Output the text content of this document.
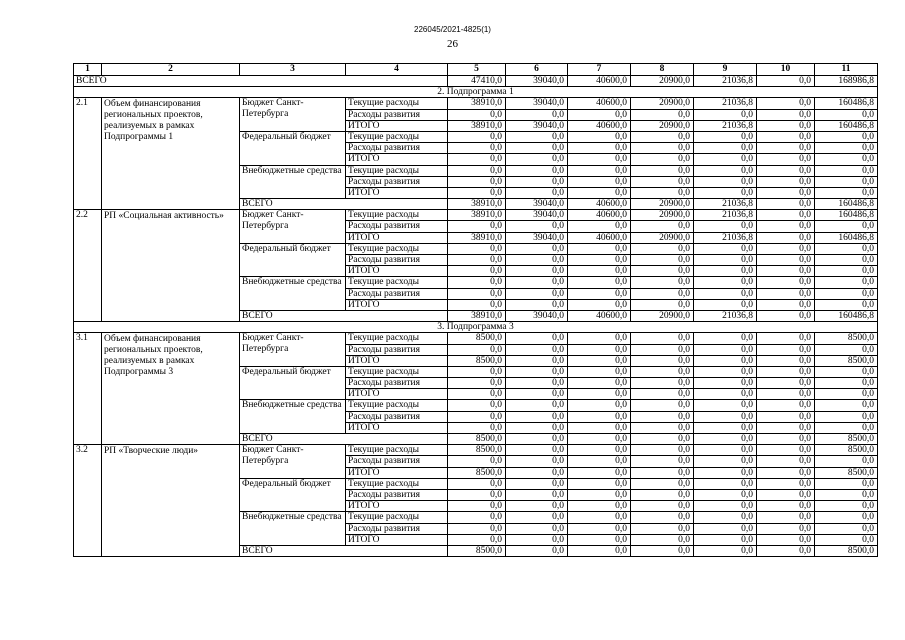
226045/2021-4825(1)
26
1	2	3	4	5	6	7	8	9	10	11
ВСЕГО				47410,0	39040,0	40600,0	20900,0	21036,8	0,0	168986,8
2. Подпрограмма 1										
2.1	Объем финансирования региональных проектов, реализуемых в рамках Подпрограммы 1	Бюджет Санкт-Петербурга	Текущие расходы	38910,0	39040,0	40600,0	20900,0	21036,8	0,0	160486,8
			Расходы развития	0,0	0,0	0,0	0,0	0,0	0,0	0,0
			ИТОГО	38910,0	39040,0	40600,0	20900,0	21036,8	0,0	160486,8
		Федеральный бюджет	Текущие расходы	0,0	0,0	0,0	0,0	0,0	0,0	0,0
			Расходы развития	0,0	0,0	0,0	0,0	0,0	0,0	0,0
			ИТОГО	0,0	0,0	0,0	0,0	0,0	0,0	0,0
		Внебюджетные средства	Текущие расходы	0,0	0,0	0,0	0,0	0,0	0,0	0,0
			Расходы развития	0,0	0,0	0,0	0,0	0,0	0,0	0,0
			ИТОГО	0,0	0,0	0,0	0,0	0,0	0,0	0,0
		ВСЕГО		38910,0	39040,0	40600,0	20900,0	21036,8	0,0	160486,8
2.2	РП «Социальная активность»	Бюджет Санкт-Петербурга	Текущие расходы	38910,0	39040,0	40600,0	20900,0	21036,8	0,0	160486,8
			Расходы развития	0,0	0,0	0,0	0,0	0,0	0,0	0,0
			ИТОГО	38910,0	39040,0	40600,0	20900,0	21036,8	0,0	160486,8
		Федеральный бюджет	Текущие расходы	0,0	0,0	0,0	0,0	0,0	0,0	0,0
			Расходы развития	0,0	0,0	0,0	0,0	0,0	0,0	0,0
			ИТОГО	0,0	0,0	0,0	0,0	0,0	0,0	0,0
		Внебюджетные средства	Текущие расходы	0,0	0,0	0,0	0,0	0,0	0,0	0,0
			Расходы развития	0,0	0,0	0,0	0,0	0,0	0,0	0,0
			ИТОГО	0,0	0,0	0,0	0,0	0,0	0,0	0,0
		ВСЕГО		38910,0	39040,0	40600,0	20900,0	21036,8	0,0	160486,8
3. Подпрограмма 3										
3.1	Объем финансирования региональных проектов, реализуемых в рамках Подпрограммы 3	Бюджет Санкт-Петербурга	Текущие расходы	8500,0	0,0	0,0	0,0	0,0	0,0	8500,0
			Расходы развития	0,0	0,0	0,0	0,0	0,0	0,0	0,0
			ИТОГО	8500,0	0,0	0,0	0,0	0,0	0,0	8500,0
		Федеральный бюджет	Текущие расходы	0,0	0,0	0,0	0,0	0,0	0,0	0,0
			Расходы развития	0,0	0,0	0,0	0,0	0,0	0,0	0,0
			ИТОГО	0,0	0,0	0,0	0,0	0,0	0,0	0,0
		Внебюджетные средства	Текущие расходы	0,0	0,0	0,0	0,0	0,0	0,0	0,0
			Расходы развития	0,0	0,0	0,0	0,0	0,0	0,0	0,0
			ИТОГО	0,0	0,0	0,0	0,0	0,0	0,0	0,0
		ВСЕГО		8500,0	0,0	0,0	0,0	0,0	0,0	8500,0
3.2	РП «Творческие люди»	Бюджет Санкт-Петербурга	Текущие расходы	8500,0	0,0	0,0	0,0	0,0	0,0	8500,0
			Расходы развития	0,0	0,0	0,0	0,0	0,0	0,0	0,0
			ИТОГО	8500,0	0,0	0,0	0,0	0,0	0,0	8500,0
		Федеральный бюджет	Текущие расходы	0,0	0,0	0,0	0,0	0,0	0,0	0,0
			Расходы развития	0,0	0,0	0,0	0,0	0,0	0,0	0,0
			ИТОГО	0,0	0,0	0,0	0,0	0,0	0,0	0,0
		Внебюджетные средства	Текущие расходы	0,0	0,0	0,0	0,0	0,0	0,0	0,0
			Расходы развития	0,0	0,0	0,0	0,0	0,0	0,0	0,0
			ИТОГО	0,0	0,0	0,0	0,0	0,0	0,0	0,0
		ВСЕГО		8500,0	0,0	0,0	0,0	0,0	0,0	8500,0
